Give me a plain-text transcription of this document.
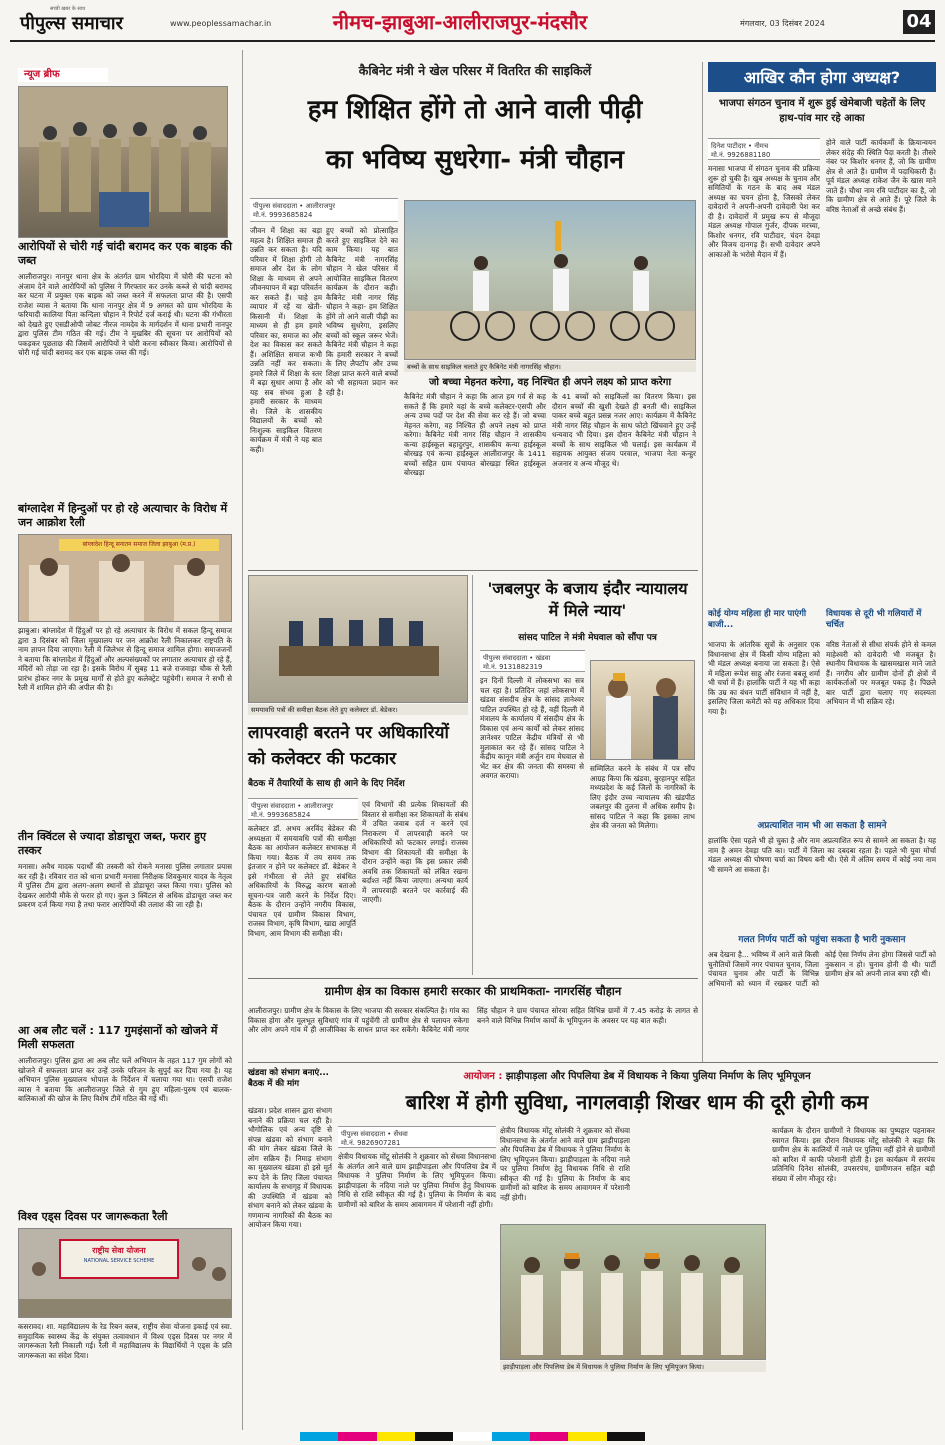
पीपुल्स समाचार
सच्ची ख़बर के साथ
www.peoplessamachar.in	नीमच-झाबुआ-आलीराजपुर-मंदसौर	मंगलवार, 03 दिसंबर 2024	04
न्यूज ब्रीफ
आरोपियों से चोरी गई चांदी बरामद कर एक बाइक की जब्त
आलीराजपुर। नानपुर थाना क्षेत्र के अंतर्गत ग्राम भोरदिया में चोरी की घटना को अंजाम देने वाले आरोपियों को पुलिस ने गिरफ्तार कर उनके कब्जे से चांदी बरामद कर घटना में प्रयुक्त एक बाइक को जब्त करने में सफलता प्राप्त की है। एसपी राजेश व्यास ने बताया कि थाना नानपुर क्षेत्र में 9 अगस्त को ग्राम भोरदिया के फरियादी कालिया पिता कन्दिला चौहान ने रिपोर्ट दर्ज कराई थी। घटना की गंभीरता को देखते हुए एसडीओपी जोबट नीरज नामदेव के मार्गदर्शन में थाना प्रभारी नानपुर द्वारा पुलिस टीम गठित की गई। टीम ने मुखबिर की सूचना पर आरोपियों को पकड़कर पूछताछ की जिसमें आरोपियों ने चोरी करना स्वीकार किया। आरोपियों से चोरी गई चांदी बरामद कर एक बाइक जब्त की गई।
बांग्लादेश में हिन्दुओं पर हो रहे अत्याचार के विरोध में जन आक्रोश रैली
बांग्लादेश हिन्दू सनातन समाज जिला झाबुआ (म.प्र.)
झाबुआ। बांग्लादेश में हिंदुओं पर हो रहे अत्याचार के विरोध में सकल हिन्दू समाज द्वारा 3 दिसंबर को जिला मुख्यालय पर जन आक्रोश रैली निकालकर राष्ट्रपति के नाम ज्ञापन दिया जाएगा। रैली में जिलेभर से हिन्दू समाज शामिल होगा। समाजजनों ने बताया कि बांग्लादेश में हिंदुओं और अल्पसंख्यकों पर लगातार अत्याचार हो रहे हैं, मंदिरों को तोड़ा जा रहा है। इसके विरोध में सुबह 11 बजे राजवाड़ा चौक से रैली प्रारंभ होकर नगर के प्रमुख मार्गों से होते हुए कलेक्ट्रेट पहुंचेगी। समाज ने सभी से रैली में शामिल होने की अपील की है।
तीन क्विंटल से ज्यादा डोडाचूरा जब्त, फरार हुए तस्कर
मनासा। अवैध मादक पदार्थों की तस्करी को रोकने मनासा पुलिस लगातार प्रयास कर रही है। रविवार रात को थाना प्रभारी मनासा निरीक्षक शिवकुमार यादव के नेतृत्व में पुलिस टीम द्वारा अलग-अलग स्थानों से डोडाचूरा जब्त किया गया। पुलिस को देखकर आरोपी मौके से फरार हो गए। कुल 3 क्विंटल से अधिक डोडाचूरा जब्त कर प्रकरण दर्ज किया गया है तथा फरार आरोपियों की तलाश की जा रही है।
आ अब लौट चलें : 117 गुमइंसानों को खोजने में मिली सफलता
आलीराजपुर। पुलिस द्वारा आ अब लौट चलें अभियान के तहत 117 गुम लोगों को खोजने में सफलता प्राप्त कर उन्हें उनके परिजन के सुपुर्द कर दिया गया है। यह अभियान पुलिस मुख्यालय भोपाल के निर्देशन में चलाया गया था। एसपी राजेश व्यास ने बताया कि आलीराजपुर जिले से गुम हुए महिला-पुरुष एवं बालक-बालिकाओं की खोज के लिए विशेष टीमें गठित की गई थीं।
विश्व एड्स दिवस पर जागरूकता रैली
राष्ट्रीय सेवा योजना
NATIONAL SERVICE SCHEME
कसरावद। शा. महाविद्यालय के रेड रिबन क्लब, राष्ट्रीय सेवा योजना इकाई एवं स्वा. समुदायिक स्वास्थ्य केंद्र के संयुक्त तत्वावधान में विश्व एड्स दिवस पर नगर में जागरूकता रैली निकाली गई। रैली में महाविद्यालय के विद्यार्थियों ने एड्स के प्रति जागरूकता का संदेश दिया।
कैबिनेट मंत्री ने खेल परिसर में वितरित की साइकिलें
हम शिक्षित होंगे तो आने वाली पीढ़ी
का भविष्य सुधरेगा- मंत्री चौहान
पीपुल्स संवाददाता • आलीराजपुर
मो.नं. 9993685824
जीवन में शिक्षा का बड़ा महत्व है। शिक्षित समाज ही उन्नति कर सकता है। यदि परिवार में शिक्षा होगी तो समाज और देश के लोग शिक्षा के माध्यम से अपने जीवनयापन में बड़ा परिवर्तन कर सकते हैं। चाहे हम व्यापार में रहें या खेती-किसानी में। शिक्षा के माध्यम से ही हम हमारे परिवार का, समाज का और देश का विकास कर सकते हैं। अशिक्षित समाज कभी उन्नति नहीं कर सकता। हमारे जिले में शिक्षा के स्तर में बढ़ा सुधार आया है और यह सब संभव हुआ है हमारी सरकार के माध्यम से। जिले के शासकीय विद्यालयों के बच्चों को निःशुल्क साइकिल वितरण कार्यक्रम में मंत्री ने यह बात कही।
हुए बच्चों को प्रोत्साहित करते हुए साइकिल देने का काम किया। यह बात कैबिनेट मंत्री नागरसिंह चौहान ने खेल परिसर में आयोजित साइकिल वितरण कार्यक्रम के दौरान कही। कैबिनेट मंत्री नागर सिंह चौहान ने कहा- हम शिक्षित होंगे तो आने वाली पीढ़ी का भविष्य सुधरेगा, इसलिए बच्चों को स्कूल जरूर भेजें। कैबिनेट मंत्री चौहान ने कहा कि हमारी सरकार ने बच्चों के लिए लैपटॉप और उच्च शिक्षा प्राप्त करने वाले बच्चों को भी सहायता प्रदान कर रही है।
बच्चों के साथ साइकिल चलाते हुए कैबिनेट मंत्री नागरसिंह चौहान।
जो बच्चा मेहनत करेगा, वह निश्चित ही अपने लक्ष्य को प्राप्त करेगा
कैबिनेट मंत्री चौहान ने कहा कि आज हम गर्व से कह सकते हैं कि हमारे यहां के बच्चे कलेक्टर-एसपी और अन्य उच्च पदों पर देश की सेवा कर रहे हैं। जो बच्चा मेहनत करेगा, वह निश्चित ही अपने लक्ष्य को प्राप्त करेगा। कैबिनेट मंत्री नागर सिंह चौहान ने शासकीय कन्या हाईस्कूल बहादुरपुर, शासकीय कन्या हाईस्कूल बोरखड़ एवं कन्या हाईस्कूल आलीराजपुर के 1411 बच्चों सहित ग्राम पंचायत बोरखड़ा स्थित हाईस्कूल बोरखड़ा
के 41 बच्चों को साइकिलों का वितरण किया। इस दौरान बच्चों की खुशी देखते ही बनती थी। साइकिल पाकर बच्चे बहुत प्रसन्न नजर आए। कार्यक्रम में कैबिनेट मंत्री नागर सिंह चौहान के साथ फोटो खिंचवाने हुए उन्हें धन्यवाद भी दिया। इस दौरान कैबिनेट मंत्री चौहान ने बच्चों के साथ साइकिल भी चलाई। इस कार्यक्रम में सहायक आयुक्त संजय परवाल, भाजपा नेता कन्हुर अजनार व अन्य मौजूद थे।
समयावधि पत्रों की समीक्षा बैठक लेते हुए कलेक्टर डॉ. बेडेकर।
लापरवाही बरतने पर अधिकारियों
को कलेक्टर की फटकार
बैठक में तैयारियों के साथ ही आने के दिए निर्देश
पीपुल्स संवाददाता • आलीराजपुर
मो.नं. 9993685824
कलेक्टर डॉ. अभय अरविंद बेडेकर की अध्यक्षता में समयावधि पत्रों की समीक्षा बैठक का आयोजन कलेक्टर सभाकक्ष में किया गया। बैठक में तय समय तक इंतजार न होने पर कलेक्टर डॉ. बेडेकर ने इसे गंभीरता से लेते हुए संबंधित अधिकारियों के विरुद्ध कारण बताओ सूचना-पत्र जारी करने के निर्देश दिए। बैठक के दौरान उन्होंने नगरीय विकास, पंचायत एवं ग्रामीण विकास विभाग, राजस्व विभाग, कृषि विभाग, खाद्य आपूर्ति विभाग, आम विभाग की समीक्षा की।
एवं विभागों की प्रत्येक शिकायतों की विस्तार से समीक्षा कर शिकायतों के संबंध में उचित जवाब दर्ज न करने एवं निराकरण में लापरवाही करने पर अधिकारियों को फटकार लगाई। राजस्व विभाग की शिकायतों की समीक्षा के दौरान उन्होंने कहा कि इस प्रकार लंबी अवधि तक शिकायतों को लंबित रखना बर्दाश्त नहीं किया जाएगा। अन्यथा कार्य में लापरवाही बरतने पर कार्रवाई की जाएगी।
'जबलपुर के बजाय इंदौर न्यायालय में मिले न्याय'
सांसद पाटिल ने मंत्री मेघवाल को सौंपा पत्र
पीपुल्स संवाददाता • खंडवा
मो.नं. 9131882319
इन दिनों दिल्ली में लोकसभा का सत्र चल रहा है। प्रतिदिन जहां लोकसभा में खंडवा संसदीय क्षेत्र के सांसद ज्ञानेश्वर पाटिल उपस्थित हो रहे हैं, वहीं दिल्ली में मंत्रालय के कार्यालय में संसदीय क्षेत्र के विकास एवं अन्य कार्यों को लेकर सांसद ज्ञानेश्वर पाटिल केंद्रीय मंत्रियों से भी मुलाकात कर रहे हैं। सांसद पाटिल ने केंद्रीय कानून मंत्री अर्जुन राम मेघवाल से भेंट कर क्षेत्र की जनता की समस्या से अवगत कराया।
सम्मिलित करने के संबंध में पत्र सौंप आग्रह किया कि खंडवा, बुरहानपुर सहित मध्यप्रदेश के कई जिलों के नागरिकों के लिए इंदौर उच्च न्यायालय की खंडपीठ जबलपुर की तुलना में अधिक समीप है। सांसद पाटिल ने कहा कि इसका लाभ क्षेत्र की जनता को मिलेगा।
ग्रामीण क्षेत्र का विकास हमारी सरकार की प्राथमिकता- नागरसिंह चौहान
आलीराजपुर। ग्रामीण क्षेत्र के विकास के लिए भाजपा की सरकार संकल्पित है। गांव का विकास होगा और मूलभूत सुविधाएं गांव में पहुंचेंगी तो ग्रामीण क्षेत्र से पलायन रुकेगा और लोग अपने गांव में ही आजीविका के साधन प्राप्त कर सकेंगे। कैबिनेट मंत्री नागर सिंह चौहान ने ग्राम पंचायत सोरवा सहित विभिन्न ग्रामों में 7.45 करोड़ के लागत से बनने वाले विभिन्न निर्माण कार्यों के भूमिपूजन के अवसर पर यह बात कही।
खंडवा को संभाग बनाएं... बैठक में की मांग
खंडवा। प्रदेश शासन द्वारा संभाग बनाने की प्रक्रिया चल रही है। भौगोलिक एवं अन्य दृष्टि से संपन्न खंडवा को संभाग बनाने की मांग लेकर खंडवा जिले के लोग सक्रिय हैं। निमाड़ संभाग का मुख्यालय खंडवा हो इसे मूर्त रूप देने के लिए जिला पंचायत कार्यालय के सभागृह में विधायक की उपस्थिति में खंडवा को संभाग बनाने को लेकर खंडवा के गणमान्य नागरिकों की बैठक का आयोजन किया गया।
आयोजन : झाड़ीपाड़ला और पिपलिया डेब में विधायक ने किया पुलिया निर्माण के लिए भूमिपूजन
बारिश में होगी सुविधा, नागलवाड़ी शिखर धाम की दूरी होगी कम
पीपुल्स संवाददाता • सेंधवा
मो.नं. 9826907281
क्षेत्रीय विधायक मोंटू सोलंकी ने शुक्रवार को सेंधवा विधानसभा के अंतर्गत आने वाले ग्राम झाड़ीपाड़ला और पिपलिया डेब में विधायक ने पुलिया निर्माण के लिए भूमिपूजन किया। झाड़ीपाड़ला के नदिया नाले पर पुलिया निर्माण हेतु विधायक निधि से राशि स्वीकृत की गई है। पुलिया के निर्माण के बाद ग्रामीणों को बारिश के समय आवागमन में परेशानी नहीं होगी।
झाड़ीपाड़ला और पिपलिया डेब में विधायक ने पुलिया निर्माण के लिए भूमिपूजन किया।
क्षेत्रीय विधायक मोंटू सोलंकी ने शुक्रवार को सेंधवा विधानसभा के अंतर्गत आने वाले ग्राम झाड़ीपाड़ला और पिपलिया डेब में विधायक ने पुलिया निर्माण के लिए भूमिपूजन किया। झाड़ीपाड़ला के नदिया नाले पर पुलिया निर्माण हेतु विधायक निधि से राशि स्वीकृत की गई है। पुलिया के निर्माण के बाद ग्रामीणों को बारिश के समय आवागमन में परेशानी नहीं होगी।
कार्यक्रम के दौरान ग्रामीणों ने विधायक का पुष्पहार पहनाकर स्वागत किया। इस दौरान विधायक मोंटू सोलंकी ने कहा कि ग्रामीण क्षेत्र के कालियों में नाले पर पुलिया नहीं होने से ग्रामीणों को बारिश में काफी परेशानी होती है। इस कार्यक्रम में सरपंच प्रतिनिधि दिनेश सोलंकी, उपसरपंच, ग्रामीणजन सहित बड़ी संख्या में लोग मौजूद रहे।
आखिर कौन होगा अध्यक्ष?
भाजपा संगठन चुनाव में शुरू हुई खेमेबाजी चहेतों के लिए हाथ-पांव मार रहे आका
दिनेश पाटीदार • नीमच
मो.नं. 9926881180
मनासा भाजपा में संगठन चुनाव की प्रक्रिया शुरू हो चुकी है। खुब अध्यक्ष के चुनाव और समितियों के गठन के बाद अब मंडल अध्यक्ष का चयन होना है, जिसको लेकर दावेदारों ने अपनी-अपनी दावेदारी पेश कर दी है। दावेदारों में प्रमुख रूप से मौजूदा मंडल अध्यक्ष गोपाल गुर्जर, दीपक मरच्या, किशोर धनगर, रवि पाटीदार, चंदन देवड़ा और विजय दानगड़ हैं। सभी दावेदार अपने आकाओं के भरोसे मैदान में हैं।
होने वाले पार्टी कार्यकर्मों के क्रियान्वयन लेकर संदेह की स्थिति पैदा करती है। तीसरे नंबर पर किशोर धनगर हैं, जो कि ग्रामीण क्षेत्र से आते हैं। ग्रामीण में पदाधिकारी हैं। पूर्व मंडल अध्यक्ष राकेश जैन के खास माने जाते हैं। चौथा नाम रवि पाटीदार का है, जो कि ग्रामीण क्षेत्र से आते हैं। पूरे जिले के वरिष्ठ नेताओं से अच्छे संबंध हैं।
कोई योग्य महिला ही मार पाएंगी बाजी...
भाजपा के आंतरिक सूत्रों के अनुसार एक विधानसभा क्षेत्र में किसी योग्य महिला को भी मंडल अध्यक्ष बनाया जा सकता है। ऐसे में महिला रूपेश साहू और रंजना बबलू शर्मा भी चर्चा में हैं। हालांकि पार्टी ने यह भी कहा कि उम्र का बंधन पार्टी संविधान में नहीं है, इसलिए जिला कमेटी को यह अधिकार दिया गया है।
विधायक से दूरी भी गलियारों में चर्चित
वरिष्ठ नेताओं से सीधा संपर्क होने से कमल माहेश्वरी को दावेदारी भी मजबूत है। स्थानीय विधायक के खासमखास माने जाते हैं। नगरीय और ग्रामीण दोनों ही क्षेत्रों में कार्यकर्ताओं पर मजबूत पकड़ है। पिछले बार पार्टी द्वारा चलाए गए सदस्यता अभियान में भी सक्रिय रहे।
अप्रत्याशित नाम भी आ सकता है सामने
हालांकि ऐसा पहले भी हो चुका है और नाम अप्रत्याशित रूप से सामने आ सकता है। यह नाम है अमन देवड़ा पति का। पार्टी में जिला का दबदबा रहता है। पहले भी युवा मोर्चा मंडल अध्यक्ष की घोषणा चर्चा का विषय बनी थी। ऐसे में अंतिम समय में कोई नया नाम भी सामने आ सकता है।
गलत निर्णय पार्टी को पहुंचा सकता है भारी नुकसान
अब देखना है... भविष्य में आने वाले किसी चुनौतियों जिसमें नगर पंचायत चुनाव, जिला पंचायत चुनाव और पार्टी के विभिन्न अभियानों को ध्यान में रखकर पार्टी को कोई ऐसा निर्णय लेना होगा जिससे पार्टी को नुकसान न हो। चुनाव होनी दी थी। पार्टी ग्रामीण क्षेत्र को अपनी लाज बचा रही थी।
